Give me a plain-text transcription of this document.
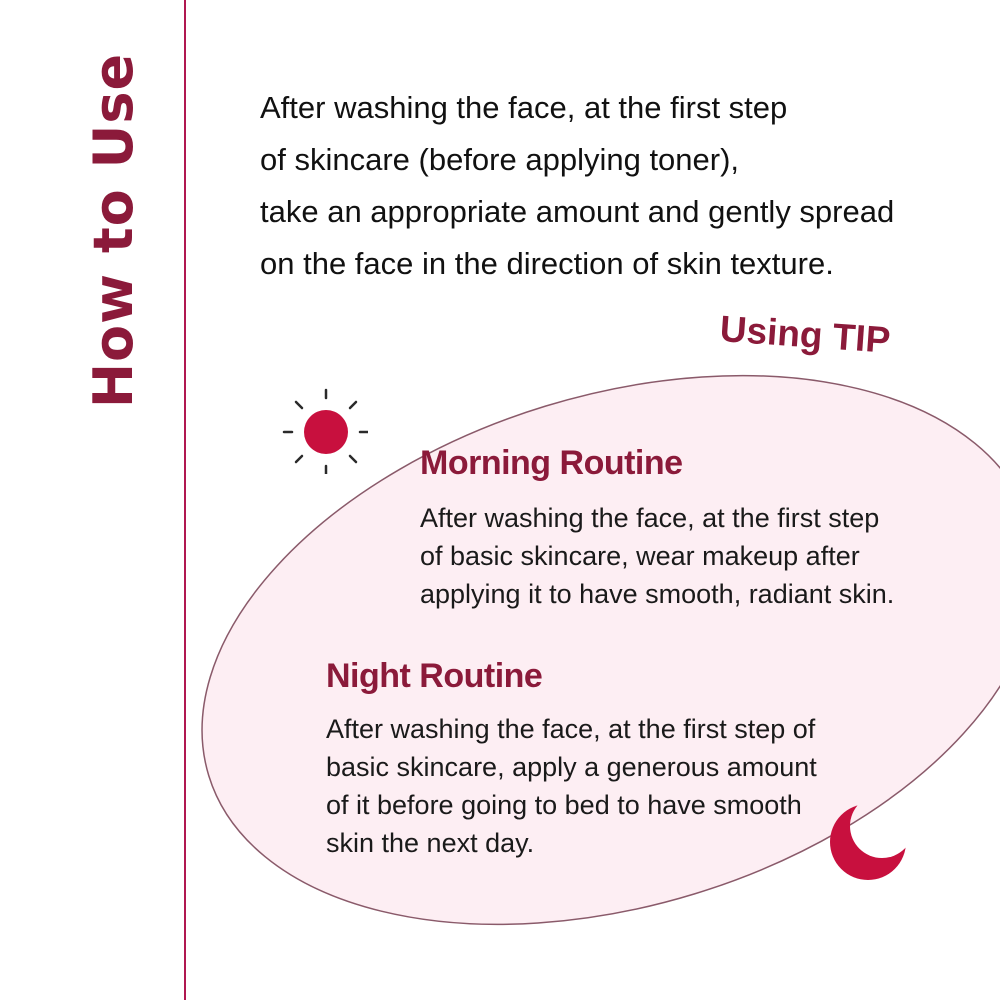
How to Use	After washing the face, at the first step
of skincare (before applying toner),
take an appropriate amount and gently spread
on the face in the direction of skin texture.
Using TIP
Morning Routine
After washing the face, at the first step
of basic skincare, wear makeup after
applying it to have smooth, radiant skin.
Night Routine
After washing the face, at the first step of
basic skincare, apply a generous amount
of it before going to bed to have smooth
skin the next day.
